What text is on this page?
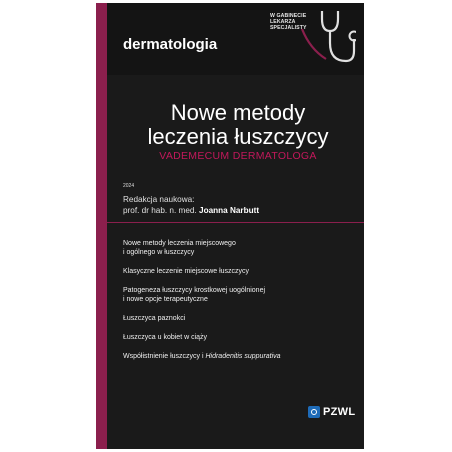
W GABINECIE
LEKARZA
SPECJALISTY
dermatologia
Nowe metody
leczenia łuszczycy
VADEMECUM DERMATOLOGA
2024
Redakcja naukowa:
prof. dr hab. n. med. Joanna Narbutt
Nowe metody leczenia miejscowego
i ogólnego w łuszczycy
Klasyczne leczenie miejscowe łuszczycy
Patogeneza łuszczycy krostkowej uogólnionej
i nowe opcje terapeutyczne
Łuszczyca paznokci
Łuszczyca u kobiet w ciąży
Współistnienie łuszczycy i Hidradenitis suppurativa
PZWL
